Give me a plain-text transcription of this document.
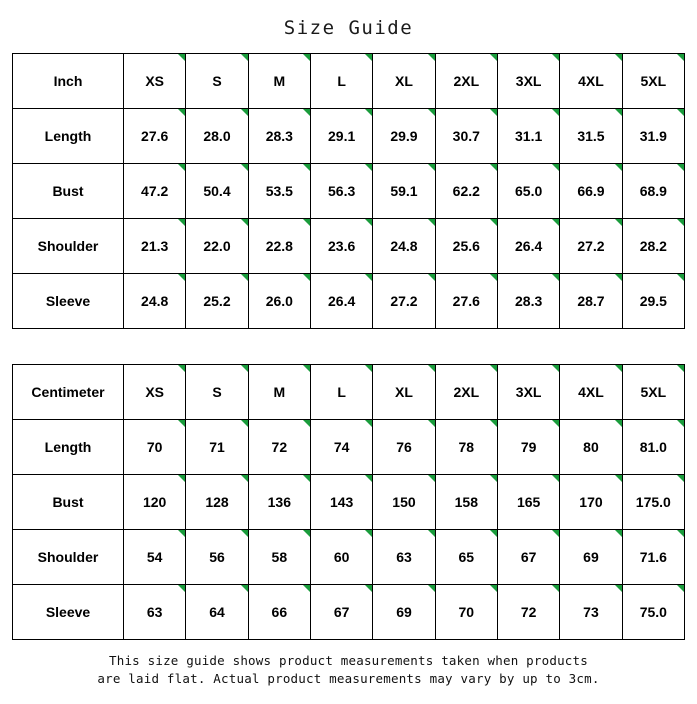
Size Guide
Inch	XS	S	M	L	XL	2XL	3XL	4XL	5XL
Length	27.6	28.0	28.3	29.1	29.9	30.7	31.1	31.5	31.9
Bust	47.2	50.4	53.5	56.3	59.1	62.2	65.0	66.9	68.9
Shoulder	21.3	22.0	22.8	23.6	24.8	25.6	26.4	27.2	28.2
Sleeve	24.8	25.2	26.0	26.4	27.2	27.6	28.3	28.7	29.5
Centimeter	XS	S	M	L	XL	2XL	3XL	4XL	5XL
Length	70	71	72	74	76	78	79	80	81.0
Bust	120	128	136	143	150	158	165	170	175.0
Shoulder	54	56	58	60	63	65	67	69	71.6
Sleeve	63	64	66	67	69	70	72	73	75.0
This size guide shows product measurements taken when products
are laid flat. Actual product measurements may vary by up to 3cm.
